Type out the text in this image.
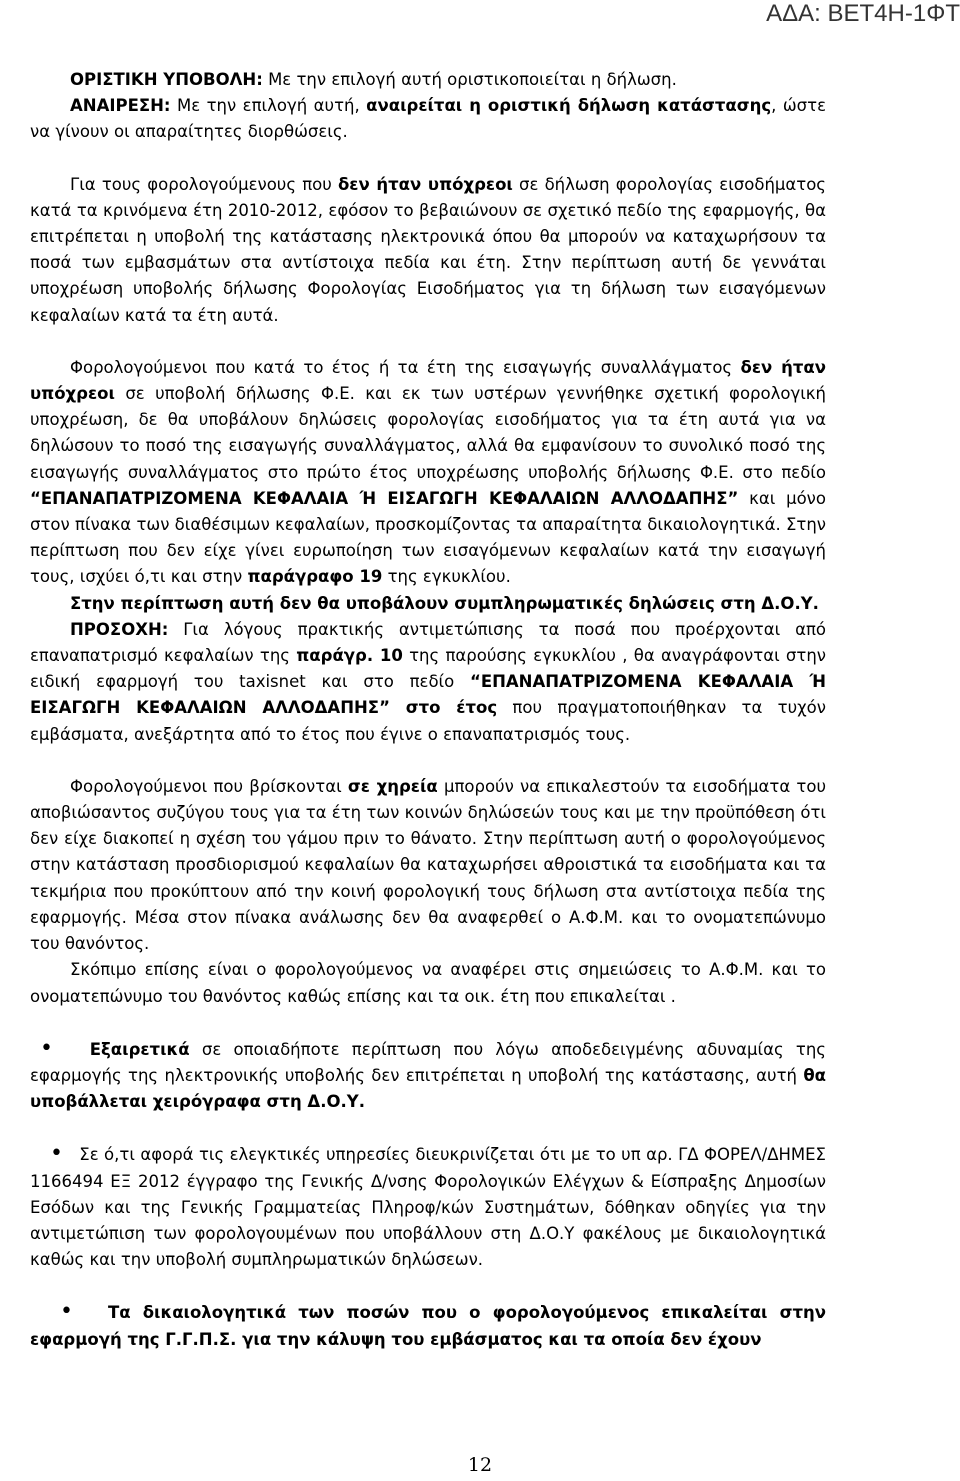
ΑΔΑ: ΒΕΤ4Η-1ΦΤ

ΟΡΙΣΤΙΚΗ ΥΠΟΒΟΛΗ: Με την επιλογή αυτή οριστικοποιείται η δήλωση.

ΑΝΑΙΡΕΣΗ: Με την επιλογή αυτή, αναιρείται η οριστική δήλωση κατάστασης, ώστε να γίνουν οι απαραίτητες διορθώσεις.

Για τους φορολογούμενους που δεν ήταν υπόχρεοι σε δήλωση φορολογίας εισοδήματος κατά τα κρινόμενα έτη 2010-2012, εφόσον το βεβαιώνουν σε σχετικό πεδίο της εφαρμογής, θα επιτρέπεται η υποβολή της κατάστασης ηλεκτρονικά όπου θα μπορούν να καταχωρήσουν τα ποσά των εμβασμάτων στα αντίστοιχα πεδία και έτη. Στην περίπτωση αυτή δε γεννάται υποχρέωση υποβολής δήλωσης Φορολογίας Εισοδήματος για τη δήλωση των εισαγόμενων κεφαλαίων κατά τα έτη αυτά.

Φορολογούμενοι που κατά το έτος ή τα έτη της εισαγωγής συναλλάγματος δεν ήταν υπόχρεοι σε υποβολή δήλωσης Φ.Ε. και εκ των υστέρων γεννήθηκε σχετική φορολογική υποχρέωση, δε θα υποβάλουν δηλώσεις φορολογίας εισοδήματος για τα έτη αυτά για να δηλώσουν το ποσό της εισαγωγής συναλλάγματος, αλλά θα εμφανίσουν το συνολικό ποσό της εισαγωγής συναλλάγματος στο πρώτο έτος υποχρέωσης υποβολής δήλωσης Φ.Ε. στο πεδίο “ΕΠΑΝΑΠΑΤΡΙΖΟΜΕΝΑ ΚΕΦΑΛΑΙΑ Ή ΕΙΣΑΓΩΓΗ ΚΕΦΑΛΑΙΩΝ ΑΛΛΟΔΑΠΗΣ” και μόνο στον πίνακα των διαθέσιμων κεφαλαίων, προσκομίζοντας τα απαραίτητα δικαιολογητικά. Στην περίπτωση που δεν είχε γίνει ευρωποίηση των εισαγόμενων κεφαλαίων κατά την εισαγωγή τους, ισχύει ό,τι και στην παράγραφο 19 της εγκυκλίου.

Στην περίπτωση αυτή δεν θα υποβάλουν συμπληρωματικές δηλώσεις στη Δ.Ο.Υ.

ΠΡΟΣΟΧΗ: Για λόγους πρακτικής αντιμετώπισης τα ποσά που προέρχονται από επαναπατρισμό κεφαλαίων της παράγρ. 10 της παρούσης εγκυκλίου , θα αναγράφονται στην ειδική εφαρμογή του taxisnet και στο πεδίο “ΕΠΑΝΑΠΑΤΡΙΖΟΜΕΝΑ ΚΕΦΑΛΑΙΑ Ή ΕΙΣΑΓΩΓΗ ΚΕΦΑΛΑΙΩΝ ΑΛΛΟΔΑΠΗΣ” στο έτος που πραγματοποιήθηκαν τα τυχόν εμβάσματα, ανεξάρτητα από το έτος που έγινε ο επαναπατρισμός τους.

Φορολογούμενοι που βρίσκονται σε χηρεία μπορούν να επικαλεστούν τα εισοδήματα του αποβιώσαντος συζύγου τους για τα έτη των κοινών δηλώσεών τους και με την προϋπόθεση ότι δεν είχε διακοπεί η σχέση του γάμου πριν το θάνατο. Στην περίπτωση αυτή ο φορολογούμενος στην κατάσταση προσδιορισμού κεφαλαίων θα καταχωρήσει αθροιστικά τα εισοδήματα και τα τεκμήρια που προκύπτουν από την κοινή φορολογική τους δήλωση στα αντίστοιχα πεδία της εφαρμογής. Μέσα στον πίνακα ανάλωσης δεν θα αναφερθεί ο Α.Φ.Μ. και το ονοματεπώνυμο του θανόντος.

Σκόπιμο επίσης είναι ο φορολογούμενος να αναφέρει στις σημειώσεις το Α.Φ.Μ. και το ονοματεπώνυμο του θανόντος καθώς επίσης και τα οικ. έτη που επικαλείται .

• Εξαιρετικά σε οποιαδήποτε περίπτωση που λόγω αποδεδειγμένης αδυναμίας της εφαρμογής της ηλεκτρονικής υποβολής δεν επιτρέπεται η υποβολή της κατάστασης, αυτή θα υποβάλλεται χειρόγραφα στη Δ.Ο.Υ.

• Σε ό,τι αφορά τις ελεγκτικές υπηρεσίες διευκρινίζεται ότι με το υπ αρ. ΓΔ ΦΟΡΕΛ/ΔΗΜΕΣ 1166494 ΕΞ 2012 έγγραφο της Γενικής Δ/νσης Φορολογικών Ελέγχων & Είσπραξης Δημοσίων Εσόδων και της Γενικής Γραμματείας Πληροφ/κών Συστημάτων, δόθηκαν οδηγίες για την αντιμετώπιση των φορολογουμένων που υποβάλλουν στη Δ.Ο.Υ φακέλους με δικαιολογητικά καθώς και την υποβολή συμπληρωματικών δηλώσεων.

• Τα δικαιολογητικά των ποσών που ο φορολογούμενος επικαλείται στην εφαρμογή της Γ.Γ.Π.Σ. για την κάλυψη του εμβάσματος και τα οποία δεν έχουν

12
